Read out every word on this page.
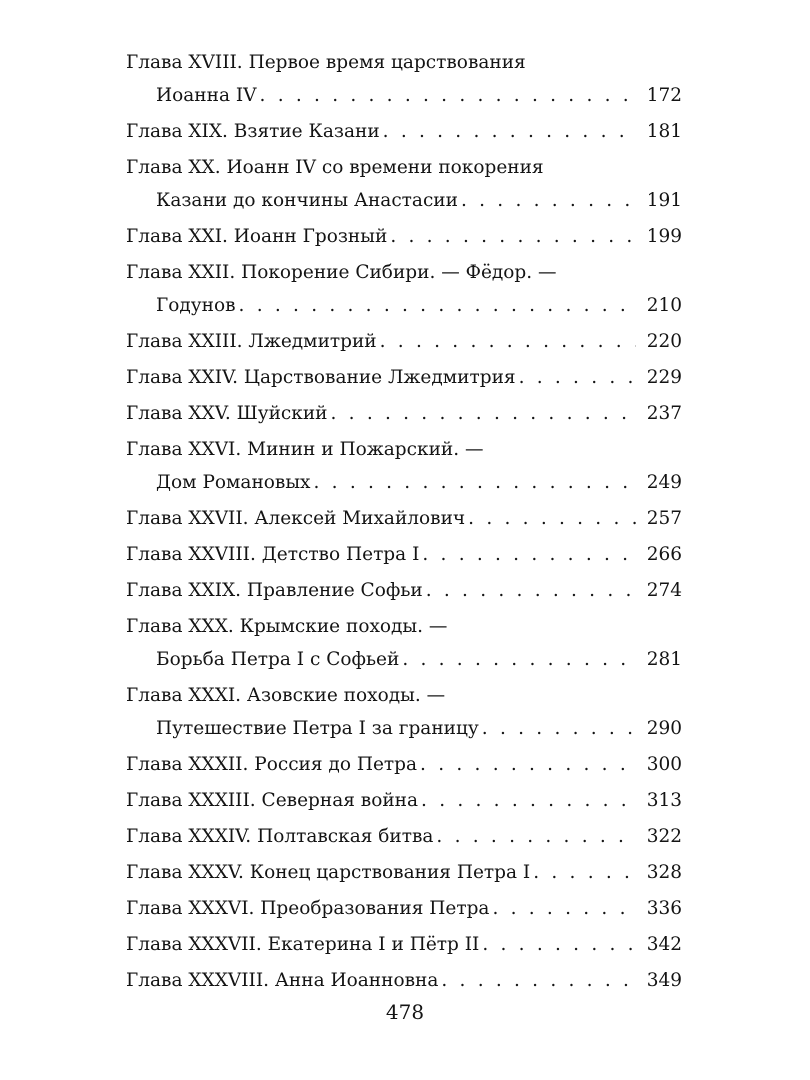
Глава XVIII. Первое время царствования
Иоанна IV . . .	172
Глава XIX. Взятие Казани . . .	181
Глава XX. Иоанн IV со времени покорения
Казани до кончины Анастасии . . .	191
Глава XXI. Иоанн Грозный . . .	199
Глава XXII. Покорение Сибири. — Фёдор. —
Годунов . . .	210
Глава XXIII. Лжедмитрий . . .	220
Глава XXIV. Царствование Лжедмитрия . . .	229
Глава XXV. Шуйский . . .	237
Глава XXVI. Минин и Пожарский. —
Дом Романовых . . .	249
Глава XXVII. Алексей Михайлович . . .	257
Глава XXVIII. Детство Петра I . . .	266
Глава XXIX. Правление Софьи . . .	274
Глава XXX. Крымские походы. —
Борьба Петра I с Софьей . . .	281
Глава XXXI. Азовские походы. —
Путешествие Петра I за границу . . .	290
Глава XXXII. Россия до Петра . . .	300
Глава XXXIII. Северная война . . .	313
Глава XXXIV. Полтавская битва . . .	322
Глава XXXV. Конец царствования Петра I . . .	328
Глава XXXVI. Преобразования Петра . . .	336
Глава XXXVII. Екатерина I и Пётр II . . .	342
Глава XXXVIII. Анна Иоанновна . . .	349
478
